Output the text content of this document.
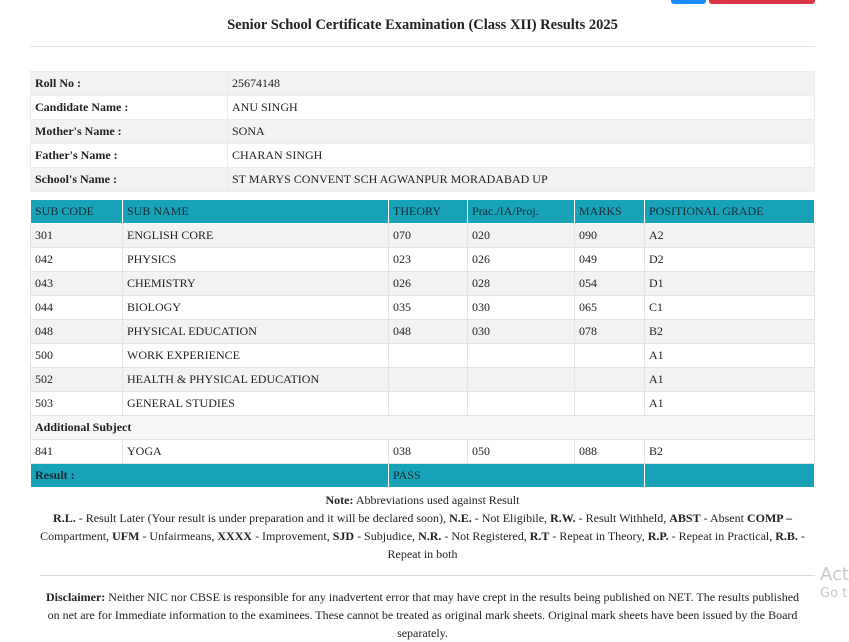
Senior School Certificate Examination (Class XII) Results 2025
Roll No :	25674148
Candidate Name :	ANU SINGH
Mother's Name :	SONA
Father's Name :	CHARAN SINGH
School's Name :	ST MARYS CONVENT SCH AGWANPUR MORADABAD UP
SUB CODE	SUB NAME	THEORY	Prac./IA/Proj.	MARKS	POSITIONAL GRADE
301	ENGLISH CORE	070	020	090	A2
042	PHYSICS	023	026	049	D2
043	CHEMISTRY	026	028	054	D1
044	BIOLOGY	035	030	065	C1
048	PHYSICAL EDUCATION	048	030	078	B2
500	WORK EXPERIENCE				A1
502	HEALTH & PHYSICAL EDUCATION				A1
503	GENERAL STUDIES				A1
Additional Subject					
841	YOGA	038	050	088	B2
Result :		PASS			
Note: Abbreviations used against Result
R.L. - Result Later (Your result is under preparation and it will be declared soon), N.E. - Not Eligibile, R.W. - Result Withheld, ABST - Absent COMP – Compartment, UFM - Unfairmeans, XXXX - Improvement, SJD - Subjudice, N.R. - Not Registered, R.T - Repeat in Theory, R.P. - Repeat in Practical, R.B. - Repeat in both
Disclaimer: Neither NIC nor CBSE is responsible for any inadvertent error that may have crept in the results being published on NET. The results published on net are for Immediate information to the examinees. These cannot be treated as original mark sheets. Original mark sheets have been issued by the Board separately.
Act
Go t
